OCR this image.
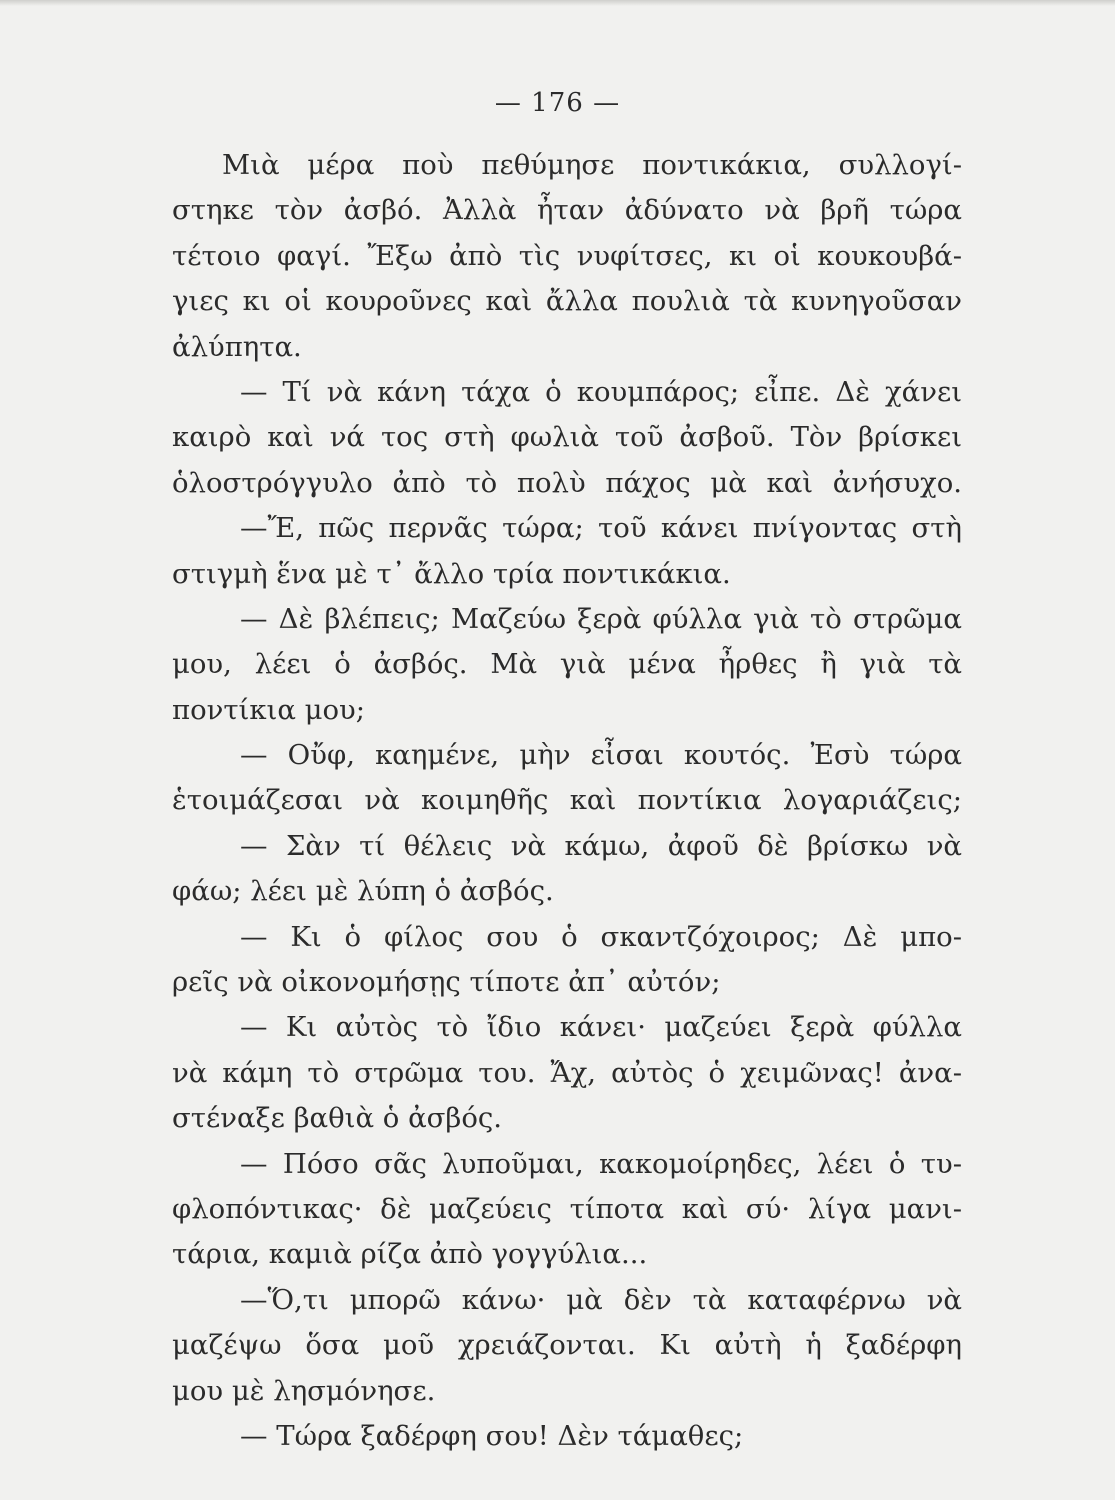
— 176 —
Μιὰ μέρα ποὺ πεθύμησε ποντικάκια, συλλογί-
στηκε τὸν ἀσβό. Ἀλλὰ ἦταν ἀδύνατο νὰ βρῆ τώρα
τέτοιο φαγί. Ἔξω ἀπὸ τὶς νυφίτσες, κι οἱ κουκουβά-
γιες κι οἱ κουροῦνες καὶ ἄλλα πουλιὰ τὰ κυνηγοῦσαν
ἀλύπητα.
— Τί νὰ κάνη τάχα ὁ κουμπάρος; εἶπε. Δὲ χάνει
καιρὸ καὶ νά τος στὴ φωλιὰ τοῦ ἀσβοῦ. Τὸν βρίσκει
ὁλοστρόγγυλο ἀπὸ τὸ πολὺ πάχος μὰ καὶ ἀνήσυχο.
—Ἔ, πῶς περνᾶς τώρα; τοῦ κάνει πνίγοντας στὴ
στιγμὴ ἕνα μὲ τ᾽ ἄλλο τρία ποντικάκια.
— Δὲ βλέπεις; Μαζεύω ξερὰ φύλλα γιὰ τὸ στρῶμα
μου, λέει ὁ ἀσβός. Μὰ γιὰ μένα ἦρθες ἢ γιὰ τὰ
ποντίκια μου;
— Οὔφ, καημένε, μὴν εἶσαι κουτός. Ἐσὺ τώρα
ἑτοιμάζεσαι νὰ κοιμηθῆς καὶ ποντίκια λογαριάζεις;
— Σὰν τί θέλεις νὰ κάμω, ἀφοῦ δὲ βρίσκω νὰ
φάω; λέει μὲ λύπη ὁ ἀσβός.
— Κι ὁ φίλος σου ὁ σκαντζόχοιρος; Δὲ μπο-
ρεῖς νὰ οἰκονομήσῃς τίποτε ἀπ᾽ αὐτόν;
— Κι αὐτὸς τὸ ἴδιο κάνει· μαζεύει ξερὰ φύλλα
νὰ κάμη τὸ στρῶμα του. Ἄχ, αὐτὸς ὁ χειμῶνας! ἀνα-
στέναξε βαθιὰ ὁ ἀσβός.
— Πόσο σᾶς λυποῦμαι, κακομοίρηδες, λέει ὁ τυ-
φλοπόντικας· δὲ μαζεύεις τίποτα καὶ σύ· λίγα μανι-
τάρια, καμιὰ ρίζα ἀπὸ γογγύλια...
—Ὅ,τι μπορῶ κάνω· μὰ δὲν τὰ καταφέρνω νὰ
μαζέψω ὅσα μοῦ χρειάζονται. Κι αὐτὴ ἡ ξαδέρφη
μου μὲ λησμόνησε.
— Τώρα ξαδέρφη σου! Δὲν τάμαθες;
